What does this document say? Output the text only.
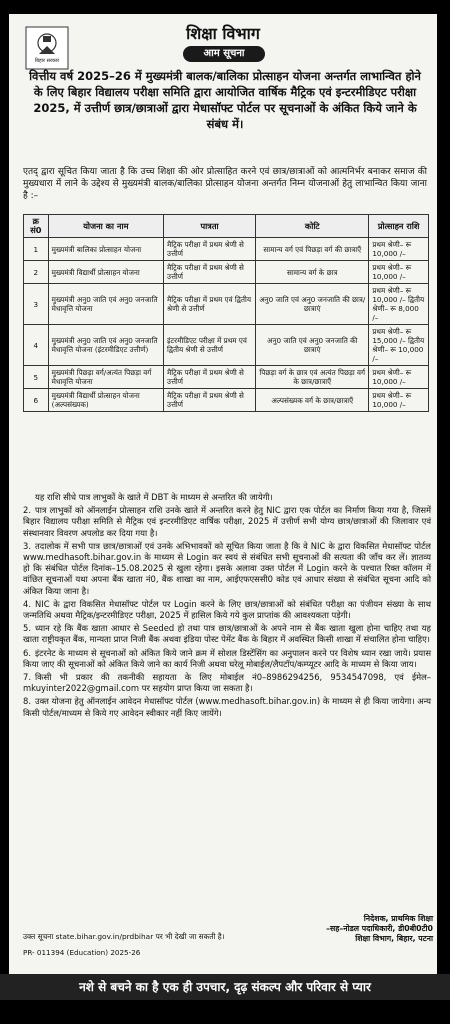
बिहार सरकार
शिक्षा विभाग
आम सूचना
वित्तीय वर्ष 2025–26 में मुख्यमंत्री बालक/बालिका प्रोत्साहन योजना अन्तर्गत लाभान्वित होने के लिए बिहार विद्यालय परीक्षा समिति द्वारा आयोजित वार्षिक मैट्रिक एवं इन्टरमीडिएट परीक्षा 2025, में उत्तीर्ण छात्र/छात्राओं द्वारा मेधासॉफ्ट पोर्टल पर सूचनाओं के अंकित किये जाने के संबंध में।
एतद् द्वारा सूचित किया जाता है कि उच्च शिक्षा की ओर प्रोत्साहित करने एवं छात्र/छात्राओं को आत्मनिर्भर बनाकर समाज की मुख्यधारा में लाने के उद्देश्य से मुख्यमंत्री बालक/बालिका प्रोत्साहन योजना अन्तर्गत निम्न योजनाओं हेतु लाभान्वित किया जाना है :–
क्र सं0	योजना का नाम	पात्रता	कोटि	प्रोत्साहन राशि
1	मुख्यमंत्री बालिका प्रोत्साहन योजना	मैट्रिक परीक्षा में प्रथम श्रेणी से उत्तीर्ण	सामान्य वर्ग एवं पिछड़ा वर्ग की छात्राएँ	प्रथम श्रेणी– रू 10,000 /–
2	मुख्यमंत्री विद्यार्थी प्रोत्साहन योजना	मैट्रिक परीक्षा में प्रथम श्रेणी से उत्तीर्ण	सामान्य वर्ग के छात्र	प्रथम श्रेणी– रू 10,000 /–
3	मुख्यमंत्री अनु0 जाति एवं अनु0 जनजाति मेधावृत्ति योजना	मैट्रिक परीक्षा में प्रथम एवं द्वितीय श्रेणी से उत्तीर्ण	अनु0 जाति एवं अनु0 जनजाति की छात्र/छात्राएं	प्रथम श्रेणी– रू 10,000 /– द्वितीय श्रेणी– रू 8,000 /–
4	मुख्यमंत्री अनु0 जाति एवं अनु0 जनजाति मेधावृत्ति योजना (इंटरमीडिएट उत्तीर्ण)	इंटरमीडिएट परीक्षा में प्रथम एवं द्वितीय श्रेणी से उत्तीर्ण	अनु0 जाति एवं अनु0 जनजाति की छात्राएं	प्रथम श्रेणी– रू 15,000 /– द्वितीय श्रेणी– रू 10,000 /–
5	मुख्यमंत्री पिछड़ा वर्ग/अत्यंत पिछड़ा वर्ग मेधावृत्ति योजना	मैट्रिक परीक्षा में प्रथम श्रेणी से उत्तीर्ण	पिछड़ा वर्ग के छात्र एवं अत्यंत पिछड़ा वर्ग के छात्र/छात्राएँ	प्रथम श्रेणी– रू 10,000 /–
6	मुख्यमंत्री विद्यार्थी प्रोत्साहन योजना (अल्पसंख्यक)	मैट्रिक परीक्षा में प्रथम श्रेणी से उत्तीर्ण	अल्पसंख्यक वर्ग के छात्र/छात्राएँ	प्रथम श्रेणी– रू 10,000 /–

यह राशि सीधे पात्र लाभुकों के खाते में DBT के माध्यम से अन्तरित की जायेगी।

2. पात्र लाभुकों को ऑनलाईन प्रोत्साहन राशि उनके खाते में अन्तरित करने हेतु NIC द्वारा एक पोर्टल का निर्माण किया गया है, जिसमें बिहार विद्यालय परीक्षा समिति से मैट्रिक एवं इन्टरमीडिएट वार्षिक परीक्षा, 2025 में उत्तीर्ण सभी योग्य छात्र/छात्राओं की जिलावार एवं संस्थानवार विवरण अपलोड कर दिया गया है।

3. तदालोक में सभी पात्र छात्र/छात्राओं एवं उनके अभिभावकों को सूचित किया जाता है कि वे NIC के द्वारा विकसित मेधासॉफ्ट पोर्टल www.medhasoft.bihar.gov.in के माध्यम से Login कर स्वयं से संबंधित सभी सूचनाओं की सत्यता की जाँच कर लें। ज्ञातव्य हो कि संबंधित पोर्टल दिनांक–15.08.2025 से खुला रहेगा। इसके अलावा उक्त पोर्टल में Login करने के पश्चात रिक्त कॉलम में वांछित सूचनाओं यथा अपना बैंक खाता नं0, बैंक शाखा का नाम, आईएफएससी0 कोड एवं आधार संख्या से संबंधित सूचना आदि को अंकित किया जाना है।

4. NIC के द्वारा विकसित मेधासॉफ्ट पोर्टल पर Login करने के लिए छात्र/छात्राओं को संबंधित परीक्षा का पंजीयन संख्या के साथ जन्मतिथि अथवा मैट्रिक/इन्टरमीडिएट परीक्षा, 2025 में हासिल किये गये कुल प्राप्तांक की आवश्यकता पड़ेगी।

5. ध्यान रहे कि बैंक खाता आधार से Seeded हो तथा पात्र छात्र/छात्राओं के अपने नाम से बैंक खाता खुला होना चाहिए तथा यह खाता राष्ट्रीयकृत बैंक, मान्यता प्राप्त निजी बैंक अथवा इंडिया पोस्ट पेमेंट बैंक के बिहार में अवस्थित किसी शाखा में संचालित होना चाहिए।

6. इंटरनेट के माध्यम से सूचनाओं को अंकित किये जाने क्रम में सोशल डिस्टेंसिंग का अनुपालन करने पर विशेष ध्यान रखा जाये। प्रयास किया जाए की सूचनाओं को अंकित किये जाने का कार्य निजी अथवा घरेलू मोबाईल/लैपटॉप/कम्प्यूटर आदि के माध्यम से किया जाय।

7. किसी भी प्रकार की तकनीकी सहायता के लिए मोबाईल नं0–8986294256, 9534547098, एवं ईमेल–mkuyinter2022@gmail.com पर सहयोग प्राप्त किया जा सकता है।

8. उक्त योजना हेतु ऑनलाईन आवेदन मेधासॉफ्ट पोर्टल (www.medhasoft.bihar.gov.in) के माध्यम से ही किया जायेगा। अन्य किसी पोर्टल/माध्यम से किये गए आवेदन स्वीकार नहीं किए जायेंगे।

निदेशक, प्राथमिक शिक्षा
–सह–नोडल पदाधिकारी, डी0बी0टी0
शिक्षा विभाग, बिहार, पटना
उक्त सूचना state.bihar.gov.in/prdbihar पर भी देखी जा सकती है।
PR- 011394 (Education) 2025-26
नशे से बचने का है एक ही उपचार, दृढ़ संकल्प और परिवार से प्यार
